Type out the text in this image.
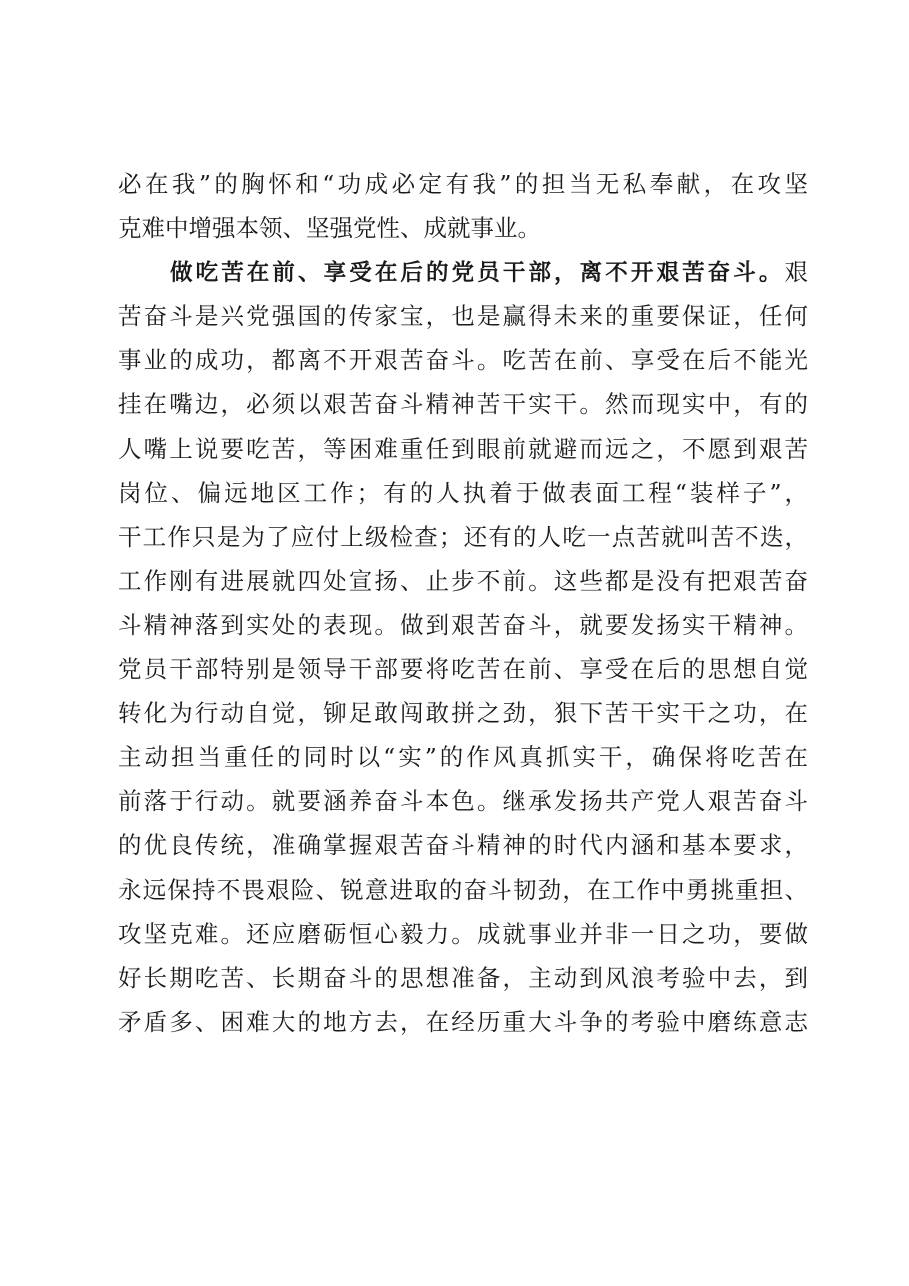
必在我”的胸怀和“功成必定有我”的担当无私奉献，在攻坚
克难中增强本领、坚强党性、成就事业。
做吃苦在前、享受在后的党员干部，离不开艰苦奋斗。艰
苦奋斗是兴党强国的传家宝，也是赢得未来的重要保证，任何
事业的成功，都离不开艰苦奋斗。吃苦在前、享受在后不能光
挂在嘴边，必须以艰苦奋斗精神苦干实干。然而现实中，有的
人嘴上说要吃苦，等困难重任到眼前就避而远之，不愿到艰苦
岗位、偏远地区工作；有的人执着于做表面工程“装样子”，
干工作只是为了应付上级检查；还有的人吃一点苦就叫苦不迭，
工作刚有进展就四处宣扬、止步不前。这些都是没有把艰苦奋
斗精神落到实处的表现。做到艰苦奋斗，就要发扬实干精神。
党员干部特别是领导干部要将吃苦在前、享受在后的思想自觉
转化为行动自觉，铆足敢闯敢拼之劲，狠下苦干实干之功，在
主动担当重任的同时以“实”的作风真抓实干，确保将吃苦在
前落于行动。就要涵养奋斗本色。继承发扬共产党人艰苦奋斗
的优良传统，准确掌握艰苦奋斗精神的时代内涵和基本要求，
永远保持不畏艰险、锐意进取的奋斗韧劲，在工作中勇挑重担、
攻坚克难。还应磨砺恒心毅力。成就事业并非一日之功，要做
好长期吃苦、长期奋斗的思想准备，主动到风浪考验中去，到
矛盾多、困难大的地方去，在经历重大斗争的考验中磨练意志
